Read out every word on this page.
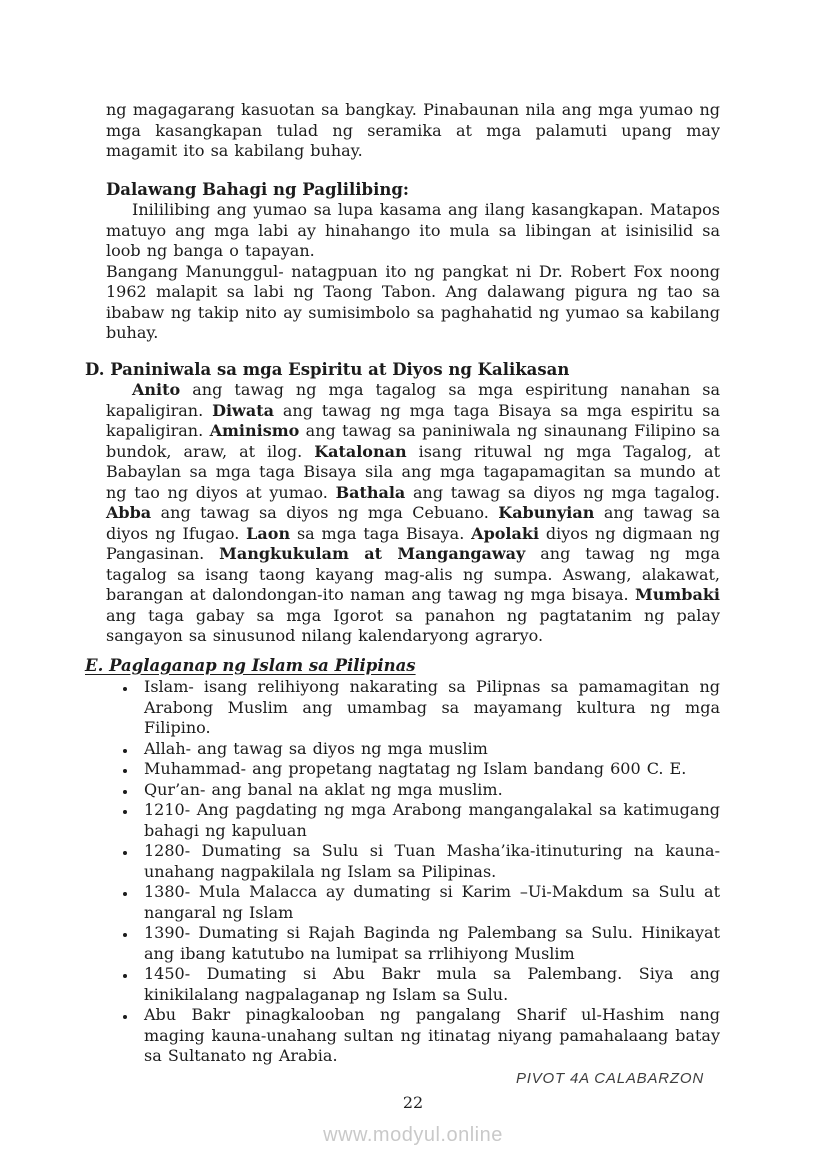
ng magagarang kasuotan sa bangkay. Pinabaunan nila ang mga yumao ng mga kasangkapan tulad ng seramika at mga palamuti upang may magamit ito sa kabilang buhay.

Dalawang Bahagi ng Paglilibing:

Inililibing ang yumao sa lupa kasama ang ilang kasangkapan. Matapos matuyo ang mga labi ay hinahango ito mula sa libingan at isinisilid sa loob ng banga o tapayan.

Bangang Manunggul- natagpuan ito ng pangkat ni Dr. Robert Fox noong 1962 malapit sa labi ng Taong Tabon. Ang dalawang pigura ng tao sa ibabaw ng takip nito ay sumisimbolo sa paghahatid ng yumao sa kabilang buhay.

D. Paniniwala sa mga Espiritu at Diyos ng Kalikasan

Anito ang tawag ng mga tagalog sa mga espiritung nanahan sa kapaligiran. Diwata ang tawag ng mga taga Bisaya sa mga espiritu sa kapaligiran. Aminismo ang tawag sa paniniwala ng sinaunang Filipino sa bundok, araw, at ilog. Katalonan isang rituwal ng mga Tagalog, at Babaylan sa mga taga Bisaya sila ang mga tagapamagitan sa mundo at ng tao ng diyos at yumao. Bathala ang tawag sa diyos ng mga tagalog. Abba ang tawag sa diyos ng mga Cebuano. Kabunyian ang tawag sa diyos ng Ifugao. Laon sa mga taga Bisaya. Apolaki diyos ng digmaan ng Pangasinan. Mangkukulam at Mangangaway ang tawag ng mga tagalog sa isang taong kayang mag-alis ng sumpa. Aswang, alakawat, barangan at dalondongan-ito naman ang tawag ng mga bisaya. Mumbaki ang taga gabay sa mga Igorot sa panahon ng pagtatanim ng palay sangayon sa sinusunod nilang kalendaryong agraryo.

E. Paglaganap ng Islam sa Pilipinas
• Islam- isang relihiyong nakarating sa Pilipnas sa pamamagitan ng Arabong Muslim ang umambag sa mayamang kultura ng mga Filipino.
• Allah- ang tawag sa diyos ng mga muslim
• Muhammad- ang propetang nagtatag ng Islam bandang 600 C. E.
• Qur’an- ang banal na aklat ng mga muslim.
• 1210- Ang pagdating ng mga Arabong mangangalakal sa katimugang bahagi ng kapuluan
• 1280- Dumating sa Sulu si Tuan Masha’ika-itinuturing na kauna-unahang nagpakilala ng Islam sa Pilipinas.
• 1380- Mula Malacca ay dumating si Karim –Ui-Makdum sa Sulu at nangaral ng Islam
• 1390- Dumating si Rajah Baginda ng Palembang sa Sulu. Hinikayat ang ibang katutubo na lumipat sa rrlihiyong Muslim
• 1450- Dumating si Abu Bakr mula sa Palembang. Siya ang kinikilalang nagpalaganap ng Islam sa Sulu.
• Abu Bakr pinagkalooban ng pangalang Sharif ul-Hashim nang maging kauna-unahang sultan ng itinatag niyang pamahalaang batay sa Sultanato ng Arabia.
PIVOT 4A CALABARZON
22
www.modyul.online
